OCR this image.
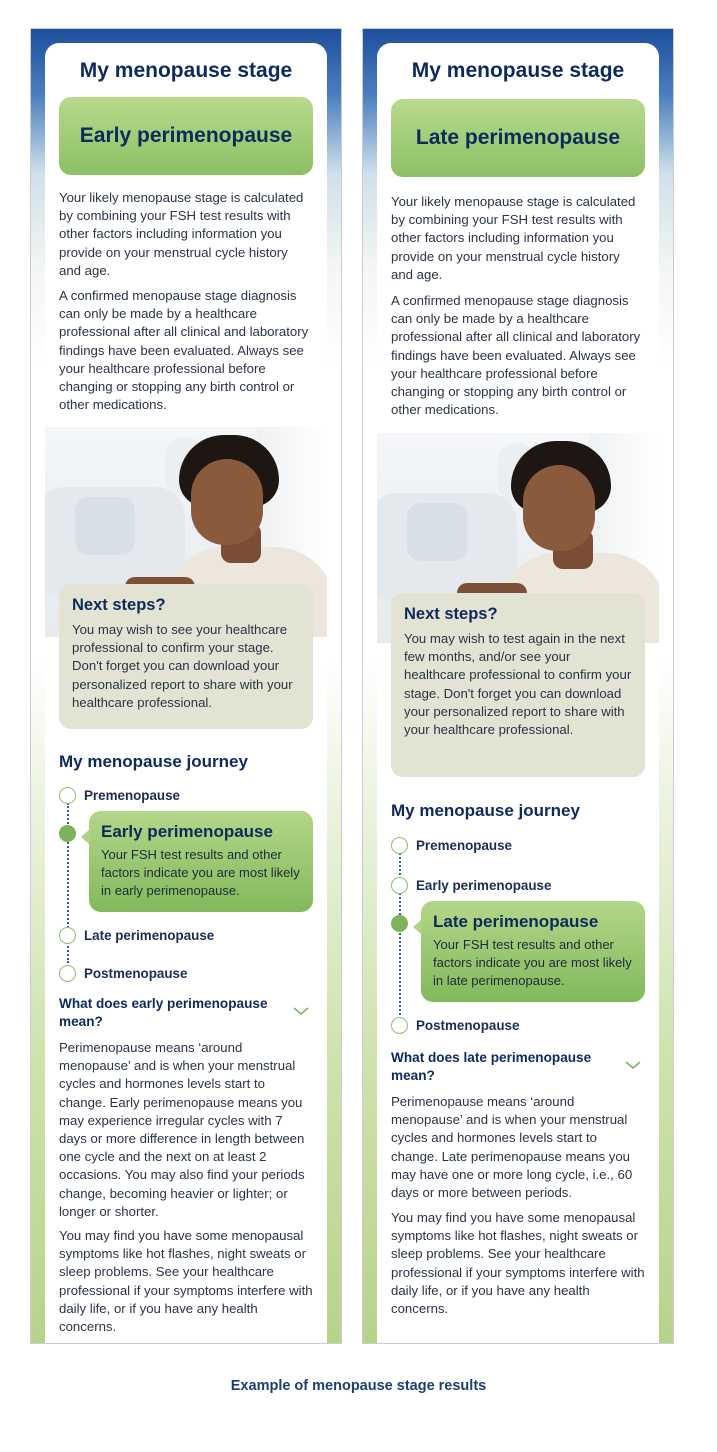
My menopause stage
Early perimenopause
Your likely menopause stage is calculated by combining your FSH test results with other factors including information you provide on your menstrual cycle history and age.
A confirmed menopause stage diagnosis can only be made by a healthcare professional after all clinical and laboratory findings have been evaluated. Always see your healthcare professional before changing or stopping any birth control or other medications.
Next steps?

You may wish to see your healthcare professional to confirm your stage. Don't forget you can download your personalized report to share with your healthcare professional.

My menopause journey
Premenopause
Early perimenopause

Your FSH test results and other factors indicate you are most likely in early perimenopause.

Late perimenopause
Postmenopause
What does early perimenopause mean?
Perimenopause means ‘around menopause’ and is when your menstrual cycles and hormones levels start to change. Early perimenopause means you may experience irregular cycles with 7 days or more difference in length between one cycle and the next on at least 2 occasions. You may also find your periods change, becoming heavier or lighter; or longer or shorter.
You may find you have some menopausal symptoms like hot flashes, night sweats or sleep problems. See your healthcare professional if your symptoms interfere with daily life, or if you have any health concerns.
My menopause stage
Late perimenopause
Your likely menopause stage is calculated by combining your FSH test results with other factors including information you provide on your menstrual cycle history and age.
A confirmed menopause stage diagnosis can only be made by a healthcare professional after all clinical and laboratory findings have been evaluated. Always see your healthcare professional before changing or stopping any birth control or other medications.
Next steps?

You may wish to test again in the next few months, and/or see your healthcare professional to confirm your stage. Don't forget you can download your personalized report to share with your healthcare professional.

My menopause journey
Premenopause
Early perimenopause
Late perimenopause

Your FSH test results and other factors indicate you are most likely in late perimenopause.

Postmenopause
What does late perimenopause mean?
Perimenopause means ‘around menopause’ and is when your menstrual cycles and hormones levels start to change. Late perimenopause means you may have one or more long cycle, i.e., 60 days or more between periods.
You may find you have some menopausal symptoms like hot flashes, night sweats or sleep problems. See your healthcare professional if your symptoms interfere with daily life, or if you have any health concerns.
Example of menopause stage results
